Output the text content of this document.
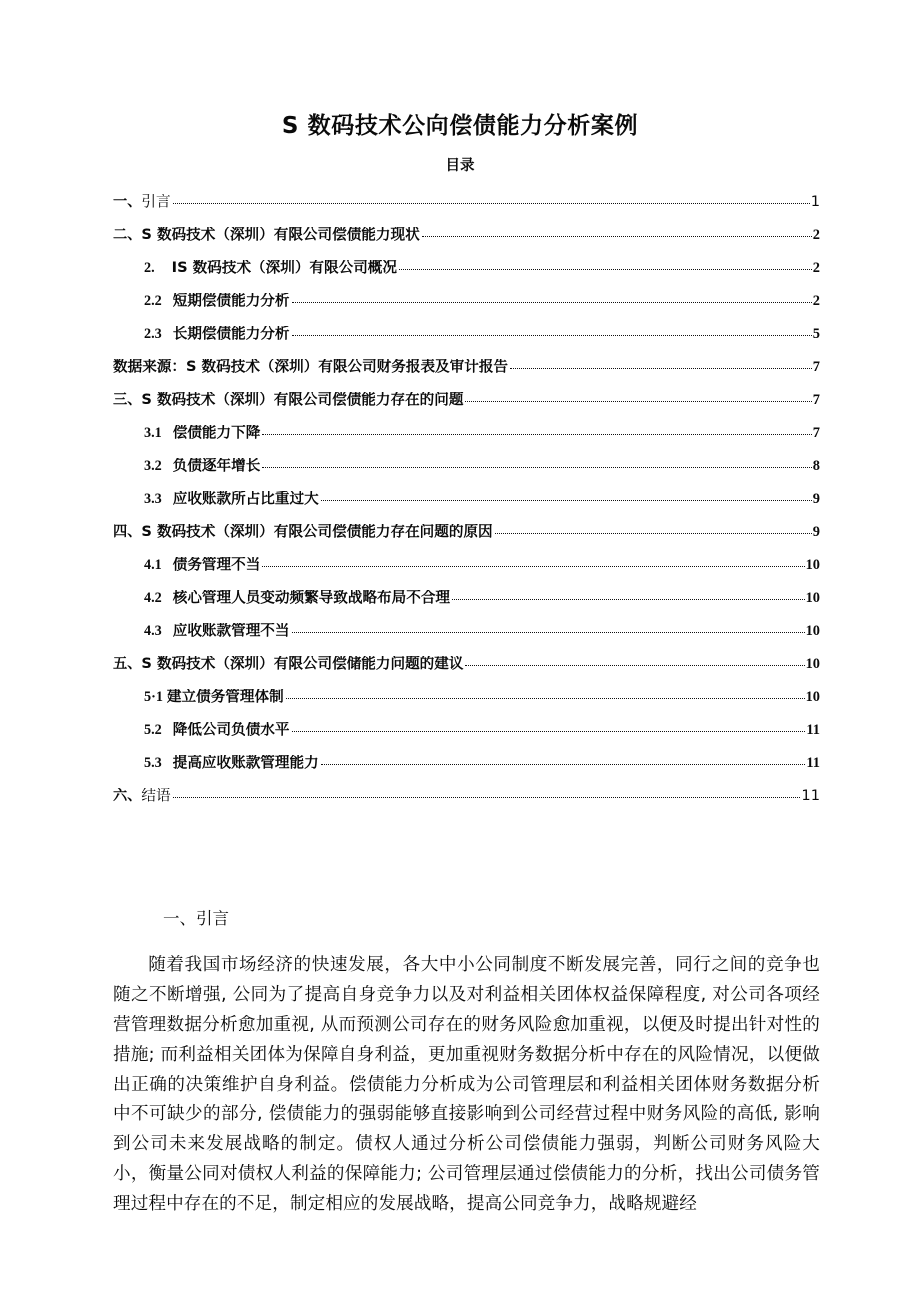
S 数码技术公向偿债能力分析案例
目录
一、 引言	1
二、 S 数码技术（深圳）有限公司偿债能力现状	2
2. IS 数码技术（深圳）有限公司概况	2
2.2 短期偿债能力分析	2
2.3 长期偿债能力分析	5
数据来源：S 数码技术（深圳）有限公司财务报表及审计报告	7
三、 S 数码技术（深圳）有限公司偿债能力存在的问题	7
3.1 偿债能力下降	7
3.2 负债逐年增长	8
3.3 应收账款所占比重过大	9
四、 S 数码技术（深圳）有限公司偿债能力存在问题的原因	9
4.1 债务管理不当	10
4.2 核心管理人员变动频繁导致战略布局不合理	10
4.3 应收账款管理不当	10
五、 S 数码技术（深圳）有限公司偿储能力问题的建议	10
5·1 建立债务管理体制	10
5.2 降低公司负债水平	11
5.3 提高应收账款管理能力	11
六、 结语	11
一、引言

随着我国市场经济的快速发展，各大中小公同制度不断发展完善，同行之间的竞争也随之不断增强, 公同为了提高自身竞争力以及对利益相关团体权益保障程度, 对公司各项经营管理数据分析愈加重视, 从而预测公司存在的财务风险愈加重视，以便及时提出针对性的措施; 而利益相关团体为保障自身利益，更加重视财务数据分析中存在的风险情况，以便做出正确的决策维护自身利益。偿债能力分析成为公司管理层和利益相关团体财务数据分析中不可缺少的部分, 偿债能力的强弱能够直接影响到公司经营过程中财务风险的高低, 影响到公司未来发展战略的制定。债权人通过分析公司偿债能力强弱，判断公司财务风险大小，衡量公同对债权人利益的保障能力; 公司管理层通过偿债能力的分析，找出公司债务管理过程中存在的不足，制定相应的发展战略，提高公同竞争力，战略规避经
